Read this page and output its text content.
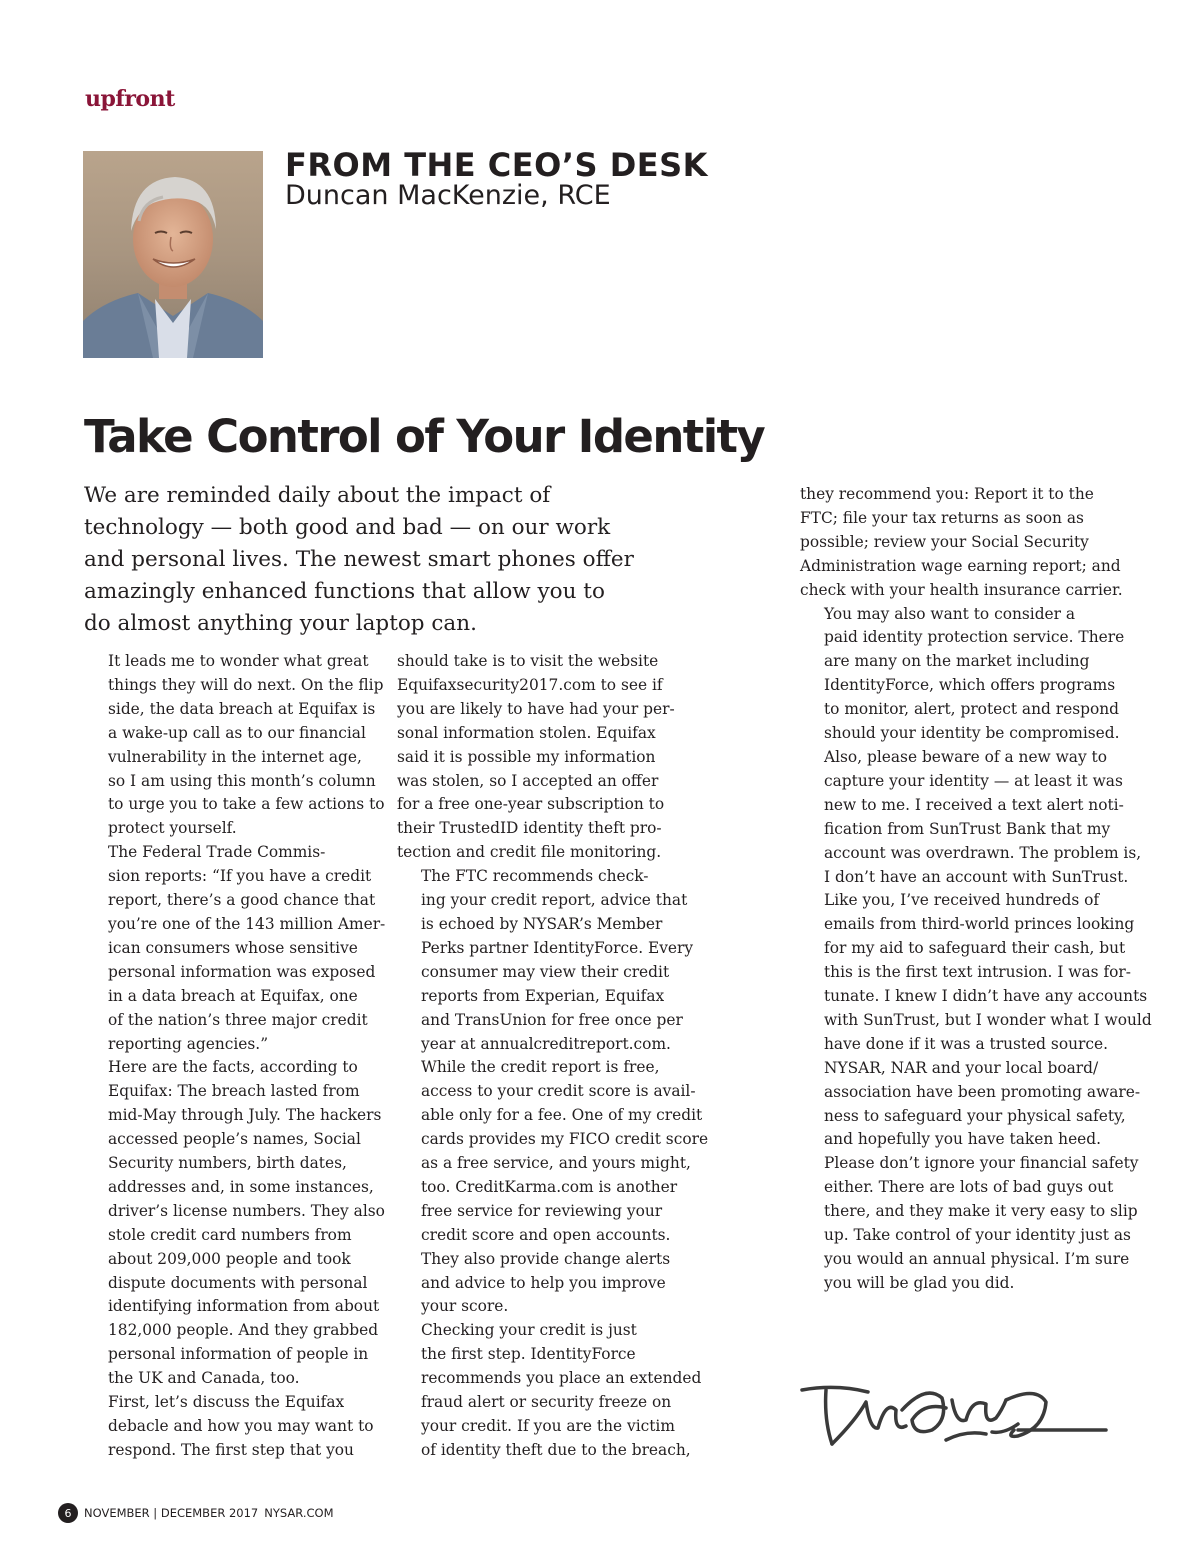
upfront
FROM THE CEO’S DESK
Duncan MacKenzie, RCE
Take Control of Your Identity
We are reminded daily about the impact of
technology — both good and bad — on our work
and personal lives. The newest smart phones offer
amazingly enhanced functions that allow you to
do almost anything your laptop can.

It leads me to wonder what great
things they will do next. On the flip
side, the data breach at Equifax is
a wake-up call as to our financial
vulnerability in the internet age,
so I am using this month’s column
to urge you to take a few actions to
protect yourself.

The Federal Trade Commis-
sion reports: “If you have a credit
report, there’s a good chance that
you’re one of the 143 million Amer-
ican consumers whose sensitive
personal information was exposed
in a data breach at Equifax, one
of the nation’s three major credit
reporting agencies.”

Here are the facts, according to
Equifax: The breach lasted from
mid-May through July. The hackers
accessed people’s names, Social
Security numbers, birth dates,
addresses and, in some instances,
driver’s license numbers. They also
stole credit card numbers from
about 209,000 people and took
dispute documents with personal
identifying information from about
182,000 people. And they grabbed
personal information of people in
the UK and Canada, too.

First, let’s discuss the Equifax
debacle and how you may want to
respond. The first step that you

should take is to visit the website
Equifaxsecurity2017.com to see if
you are likely to have had your per-
sonal information stolen. Equifax
said it is possible my information
was stolen, so I accepted an offer
for a free one-year subscription to
their TrustedID identity theft pro-
tection and credit file monitoring.

The FTC recommends check-
ing your credit report, advice that
is echoed by NYSAR’s Member
Perks partner IdentityForce. Every
consumer may view their credit
reports from Experian, Equifax
and TransUnion for free once per
year at annualcreditreport.com.
While the credit report is free,
access to your credit score is avail-
able only for a fee. One of my credit
cards provides my FICO credit score
as a free service, and yours might,
too. CreditKarma.com is another
free service for reviewing your
credit score and open accounts.
They also provide change alerts
and advice to help you improve
your score.

Checking your credit is just
the first step. IdentityForce
recommends you place an extended
fraud alert or security freeze on
your credit. If you are the victim
of identity theft due to the breach,

they recommend you: Report it to the
FTC; file your tax returns as soon as
possible; review your Social Security
Administration wage earning report; and
check with your health insurance carrier.

You may also want to consider a
paid identity protection service. There
are many on the market including
IdentityForce, which offers programs
to monitor, alert, protect and respond
should your identity be compromised.

Also, please beware of a new way to
capture your identity — at least it was
new to me. I received a text alert noti-
fication from SunTrust Bank that my
account was overdrawn. The problem is,
I don’t have an account with SunTrust.
Like you, I’ve received hundreds of
emails from third-world princes looking
for my aid to safeguard their cash, but
this is the first text intrusion. I was for-
tunate. I knew I didn’t have any accounts
with SunTrust, but I wonder what I would
have done if it was a trusted source.

NYSAR, NAR and your local board/
association have been promoting aware-
ness to safeguard your physical safety,
and hopefully you have taken heed.
Please don’t ignore your financial safety
either. There are lots of bad guys out
there, and they make it very easy to slip
up. Take control of your identity just as
you would an annual physical. I’m sure
you will be glad you did.

6	NOVEMBER | DECEMBER 2017 NYSAR.COM
